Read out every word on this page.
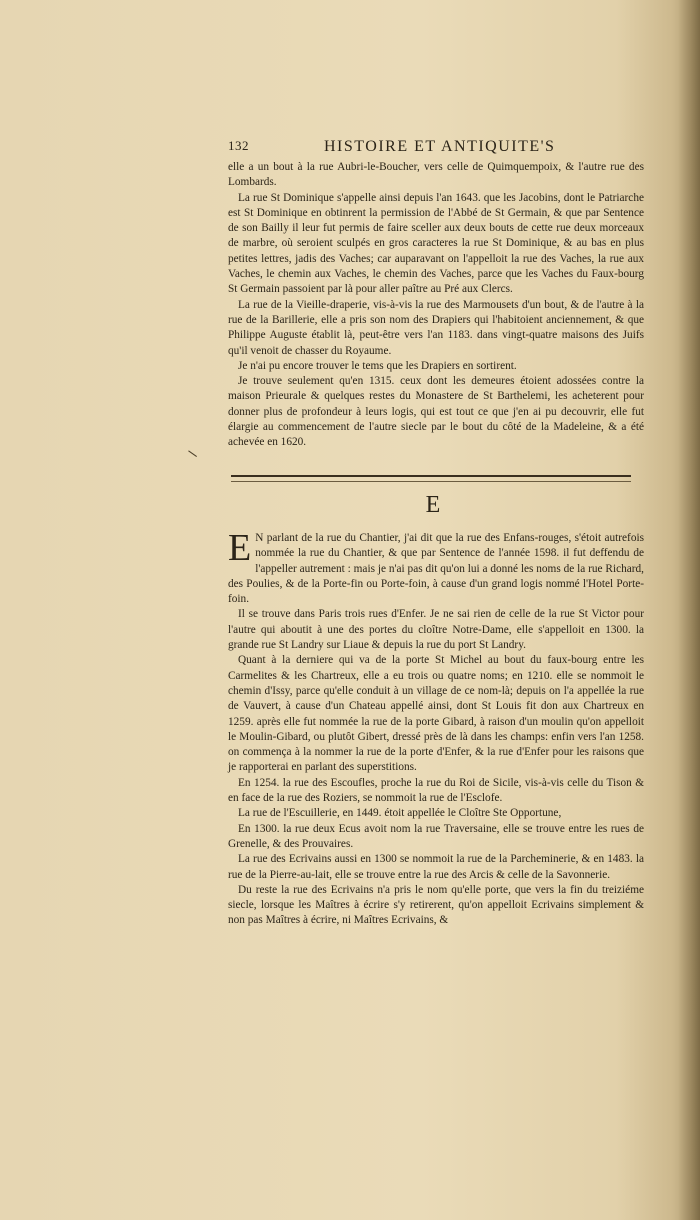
132	HISTOIRE ET ANTIQUITE'S

elle a un bout à la rue Aubri-le-Boucher, vers celle de Quimquempoix, & l'autre rue des Lombards.

La rue St Dominique s'appelle ainsi depuis l'an 1643. que les Jacobins, dont le Patriarche est St Dominique en obtinrent la permission de l'Abbé de St Germain, & que par Sentence de son Bailly il leur fut permis de faire sceller aux deux bouts de cette rue deux morceaux de marbre, où seroient sculpés en gros caracteres la rue St Dominique, & au bas en plus petites lettres, jadis des Vaches; car auparavant on l'appelloit la rue des Vaches, la rue aux Vaches, le chemin aux Vaches, le chemin des Vaches, parce que les Vaches du Faux-bourg St Germain passoient par là pour aller paître au Pré aux Clercs.

La rue de la Vieille-draperie, vis-à-vis la rue des Marmousets d'un bout, & de l'autre à la rue de la Barillerie, elle a pris son nom des Drapiers qui l'habitoient anciennement, & que Philippe Auguste établit là, peut-être vers l'an 1183. dans vingt-quatre maisons des Juifs qu'il venoit de chasser du Royaume.

Je n'ai pu encore trouver le tems que les Drapiers en sortirent.

Je trouve seulement qu'en 1315. ceux dont les demeures étoient adossées contre la maison Prieurale & quelques restes du Monastere de St Barthelemi, les acheterent pour donner plus de profondeur à leurs logis, qui est tout ce que j'en ai pu decouvrir, elle fut élargie au commencement de l'autre siecle par le bout du côté de la Madeleine, & a été achevée en 1620.

E

E N parlant de la rue du Chantier, j'ai dit que la rue des Enfans-rouges, s'étoit autrefois nommée la rue du Chantier, & que par Sentence de l'année 1598. il fut deffendu de l'appeller autrement : mais je n'ai pas dit qu'on lui a donné les noms de la rue Richard, des Poulies, & de la Porte-fin ou Porte-foin, à cause d'un grand logis nommé l'Hotel Porte-foin.

Il se trouve dans Paris trois rues d'Enfer. Je ne sai rien de celle de la rue St Victor pour l'autre qui aboutit à une des portes du cloître Notre-Dame, elle s'appelloit en 1300. la grande rue St Landry sur Liaue & depuis la rue du port St Landry.

Quant à la derniere qui va de la porte St Michel au bout du faux-bourg entre les Carmelites & les Chartreux, elle a eu trois ou quatre noms; en 1210. elle se nommoit le chemin d'Issy, parce qu'elle conduit à un village de ce nom-là; depuis on l'a appellée la rue de Vauvert, à cause d'un Chateau appellé ainsi, dont St Louis fit don aux Chartreux en 1259. après elle fut nommée la rue de la porte Gibard, à raison d'un moulin qu'on appelloit le Moulin-Gibard, ou plutôt Gibert, dressé près de là dans les champs: enfin vers l'an 1258. on commença à la nommer la rue de la porte d'Enfer, & la rue d'Enfer pour les raisons que je rapporterai en parlant des superstitions.

En 1254. la rue des Escoufles, proche la rue du Roi de Sicile, vis-à-vis celle du Tison & en face de la rue des Roziers, se nommoit la rue de l'Esclofe.

La rue de l'Escuillerie, en 1449. étoit appellée le Cloître Ste Opportune,

En 1300. la rue deux Ecus avoit nom la rue Traversaine, elle se trouve entre les rues de Grenelle, & des Prouvaires.

La rue des Ecrivains aussi en 1300 se nommoit la rue de la Parcheminerie, & en 1483. la rue de la Pierre-au-lait, elle se trouve entre la rue des Arcis & celle de la Savonnerie.

Du reste la rue des Ecrivains n'a pris le nom qu'elle porte, que vers la fin du treiziéme siecle, lorsque les Maîtres à écrire s'y retirerent, qu'on appelloit Ecrivains simplement & non pas Maîtres à écrire, ni Maîtres Ecrivains, &
